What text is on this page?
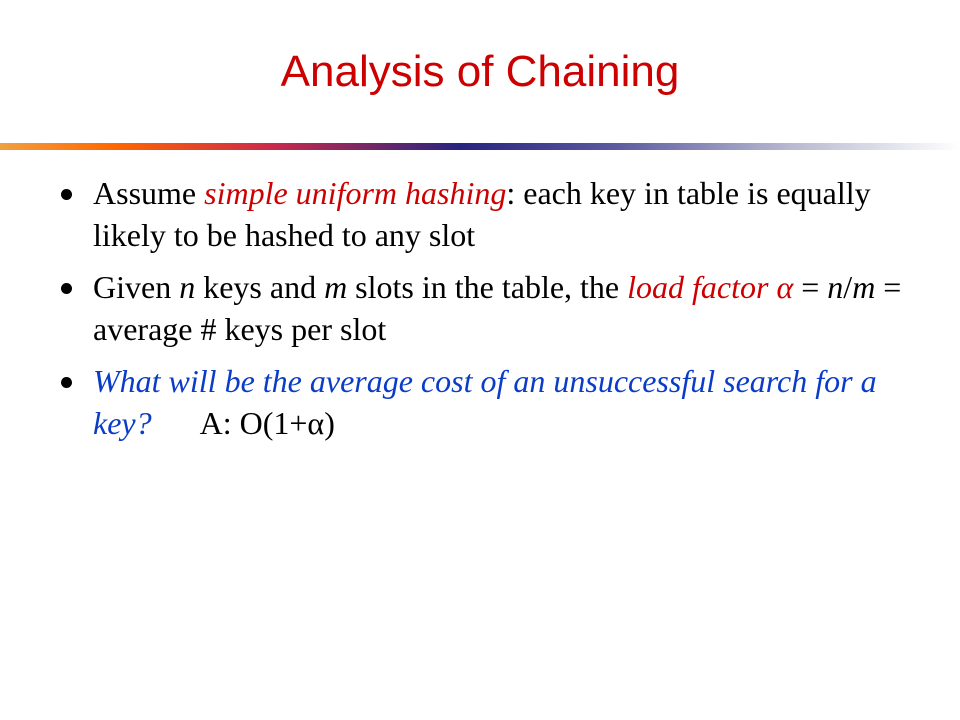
Analysis of Chaining
Assume simple uniform hashing: each key in table is equally likely to be hashed to any slot
Given n keys and m slots in the table, the load factor α = n/m = average # keys per slot
What will be the average cost of an unsuccessful search for a key? A: O(1+α)
